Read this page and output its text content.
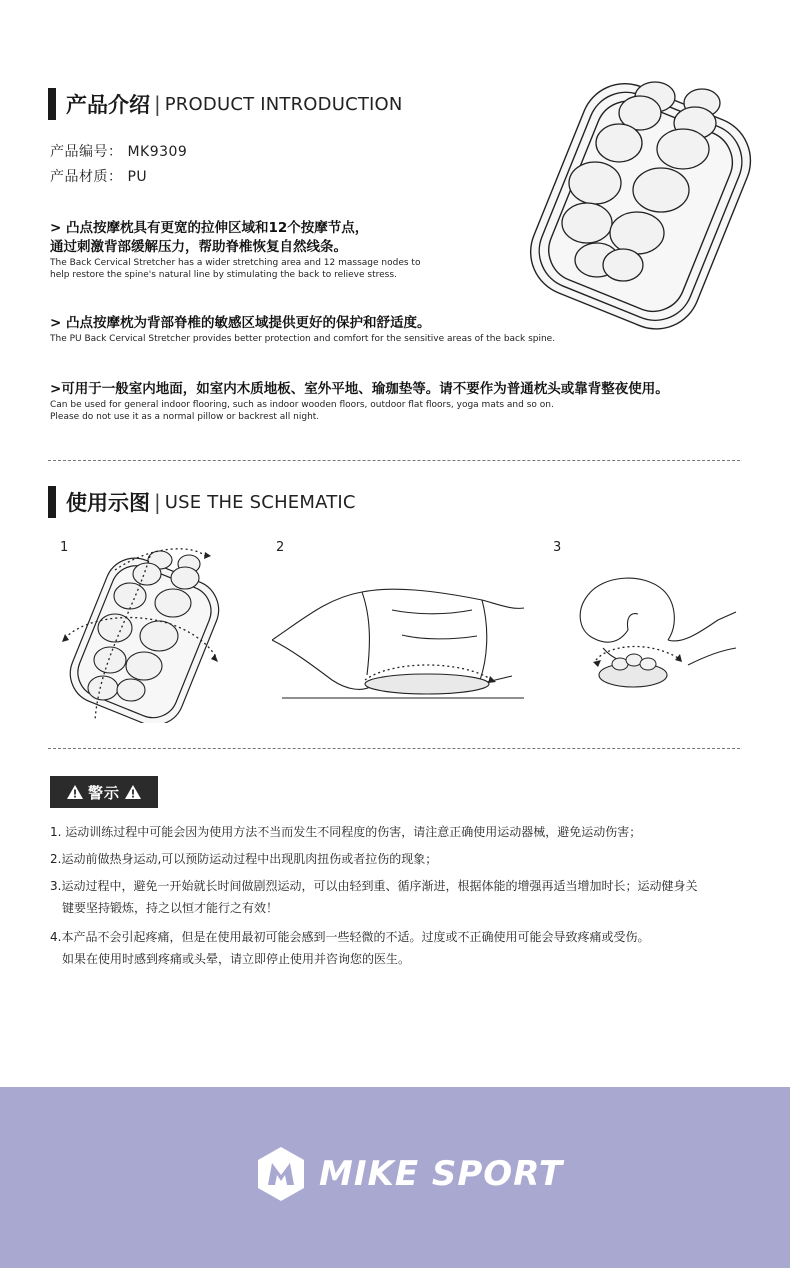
产品介绍 | PRODUCT INTRODUCTION
产品编号： MK9309
产品材质： PU
> 凸点按摩枕具有更宽的拉伸区域和12个按摩节点，
通过刺激背部缓解压力，帮助脊椎恢复自然线条。
The Back Cervical Stretcher has a wider stretching area and 12 massage nodes to
help restore the spine's natural line by stimulating the back to relieve stress.
> 凸点按摩枕为背部脊椎的敏感区域提供更好的保护和舒适度。
The PU Back Cervical Stretcher provides better protection and comfort for the sensitive areas of the back spine.
>可用于一般室内地面，如室内木质地板、室外平地、瑜珈垫等。请不要作为普通枕头或靠背整夜使用。
Can be used for general indoor flooring, such as indoor wooden floors, outdoor flat floors, yoga mats and so on.
Please do not use it as a normal pillow or backrest all night.
使用示图 | USE THE SCHEMATIC
1	2	3
警示
1. 运动训练过程中可能会因为使用方法不当而发生不同程度的伤害，请注意正确使用运动器械，避免运动伤害；
2.运动前做热身运动,可以预防运动过程中出现肌肉扭伤或者拉伤的现象；
3.运动过程中，避免一开始就长时间做剧烈运动，可以由轻到重、循序渐进，根据体能的增强再适当增加时长；运动健身关
键要坚持锻炼，持之以恒才能行之有效！
4.本产品不会引起疼痛，但是在使用最初可能会感到一些轻微的不适。过度或不正确使用可能会导致疼痛或受伤。
如果在使用时感到疼痛或头晕，请立即停止使用并咨询您的医生。
MIKE SPORT
